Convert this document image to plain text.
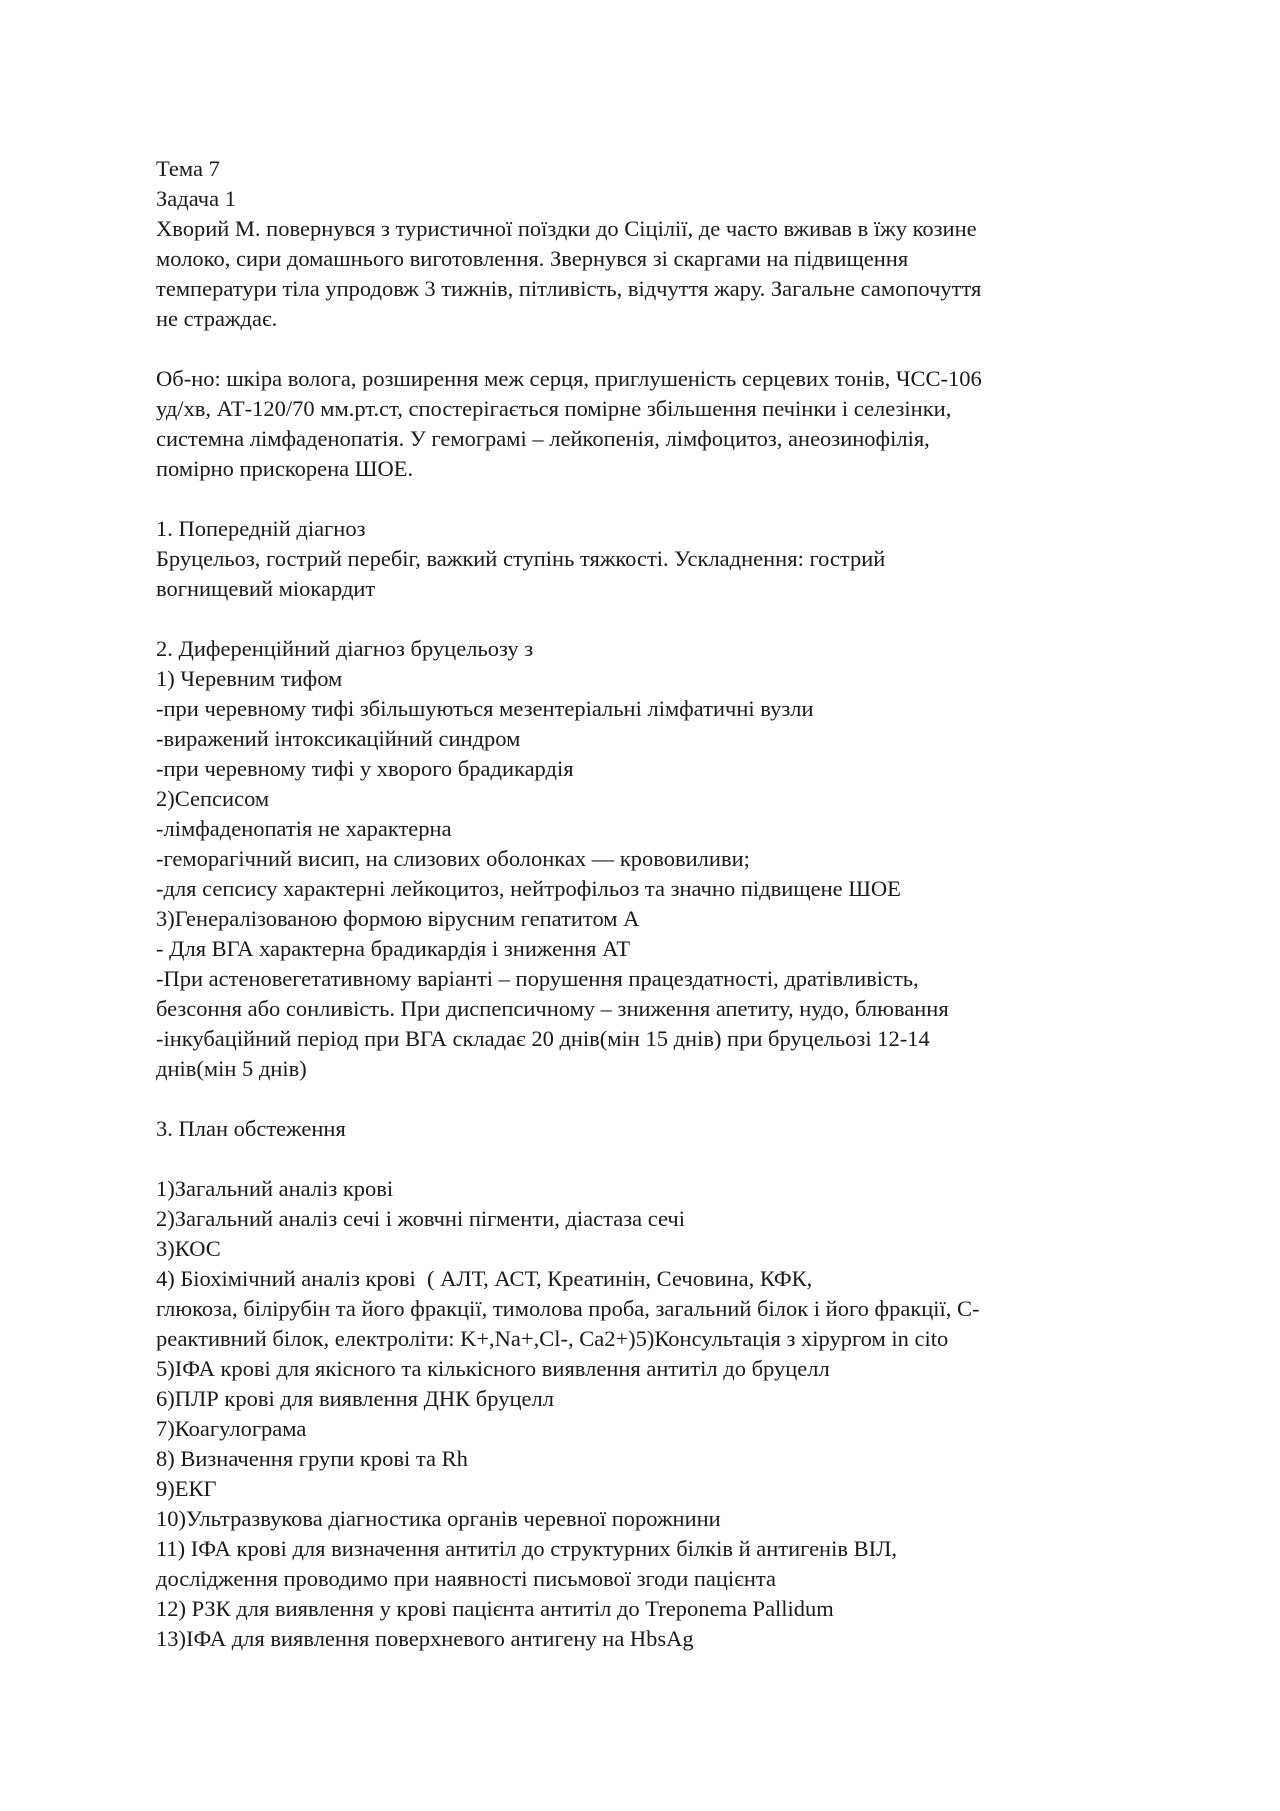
Тема 7
Задача 1
Хворий М. повернувся з туристичної поїздки до Сіцілії, де часто вживав в їжу козине
молоко, сири домашнього виготовлення. Звернувся зі скаргами на підвищення
температури тіла упродовж 3 тижнів, пітливість, відчуття жару. Загальне самопочуття
не страждає.
Об-но: шкіра волога, розширення меж серця, приглушеність серцевих тонів, ЧСС-106
уд/хв, АТ-120/70 мм.рт.ст, спостерігається помірне збільшення печінки і селезінки,
системна лімфаденопатія. У гемограмі – лейкопенія, лімфоцитоз, анеозинофілія,
помірно прискорена ШОЕ.
1. Попередній діагноз
Бруцельоз, гострий перебіг, важкий ступінь тяжкості. Ускладнення: гострий
вогнищевий міокардит
2. Диференційний діагноз бруцельозу з
1) Черевним тифом
-при черевному тифі збільшуються мезентеріальні лімфатичні вузли
-виражений інтоксикаційний синдром
-при черевному тифі у хворого брадикардія
2)Сепсисом
-лімфаденопатія не характерна
-геморагічний висип, на слизових оболонках — крововиливи;
-для сепсису характерні лейкоцитоз, нейтрофільоз та значно підвищене ШОЕ
3)Генералізованою формою вірусним гепатитом А
- Для ВГА характерна брадикардія і зниження АТ
-При астеновегетативному варіанті – порушення працездатності, дратівливість,
безсоння або сонливість. При диспепсичному – зниження апетиту, нудо, блювання
-інкубаційний період при ВГА складає 20 днів(мін 15 днів) при бруцельозі 12-14
днів(мін 5 днів)
3. План обстеження
1)Загальний аналіз крові
2)Загальний аналіз сечі і жовчні пігменти, діастаза сечі
3)КОС
4) Біохімічний аналіз крові  ( АЛТ, АСТ, Креатинін, Сечовина, КФК,
глюкоза, білірубін та його фракції, тимолова проба, загальний білок і його фракції, С-
реактивний білок, електроліти: K+,Na+,Cl-, Ca2+)5)Консультація з хірургом in cito
5)ІФА крові для якісного та кількісного виявлення антитіл до бруцелл
6)ПЛР крові для виявлення ДНК бруцелл
7)Коагулограма
8) Визначення групи крові та Rh
9)ЕКГ
10)Ультразвукова діагностика органів черевної порожнини
11) ІФА крові для визначення антитіл до структурних білків й антигенів ВІЛ,
дослідження проводимо при наявності письмової згоди пацієнта
12) РЗК для виявлення у крові пацієнта антитіл до Treponema Pallidum
13)ІФА для виявлення поверхневого антигену на HbsAg
